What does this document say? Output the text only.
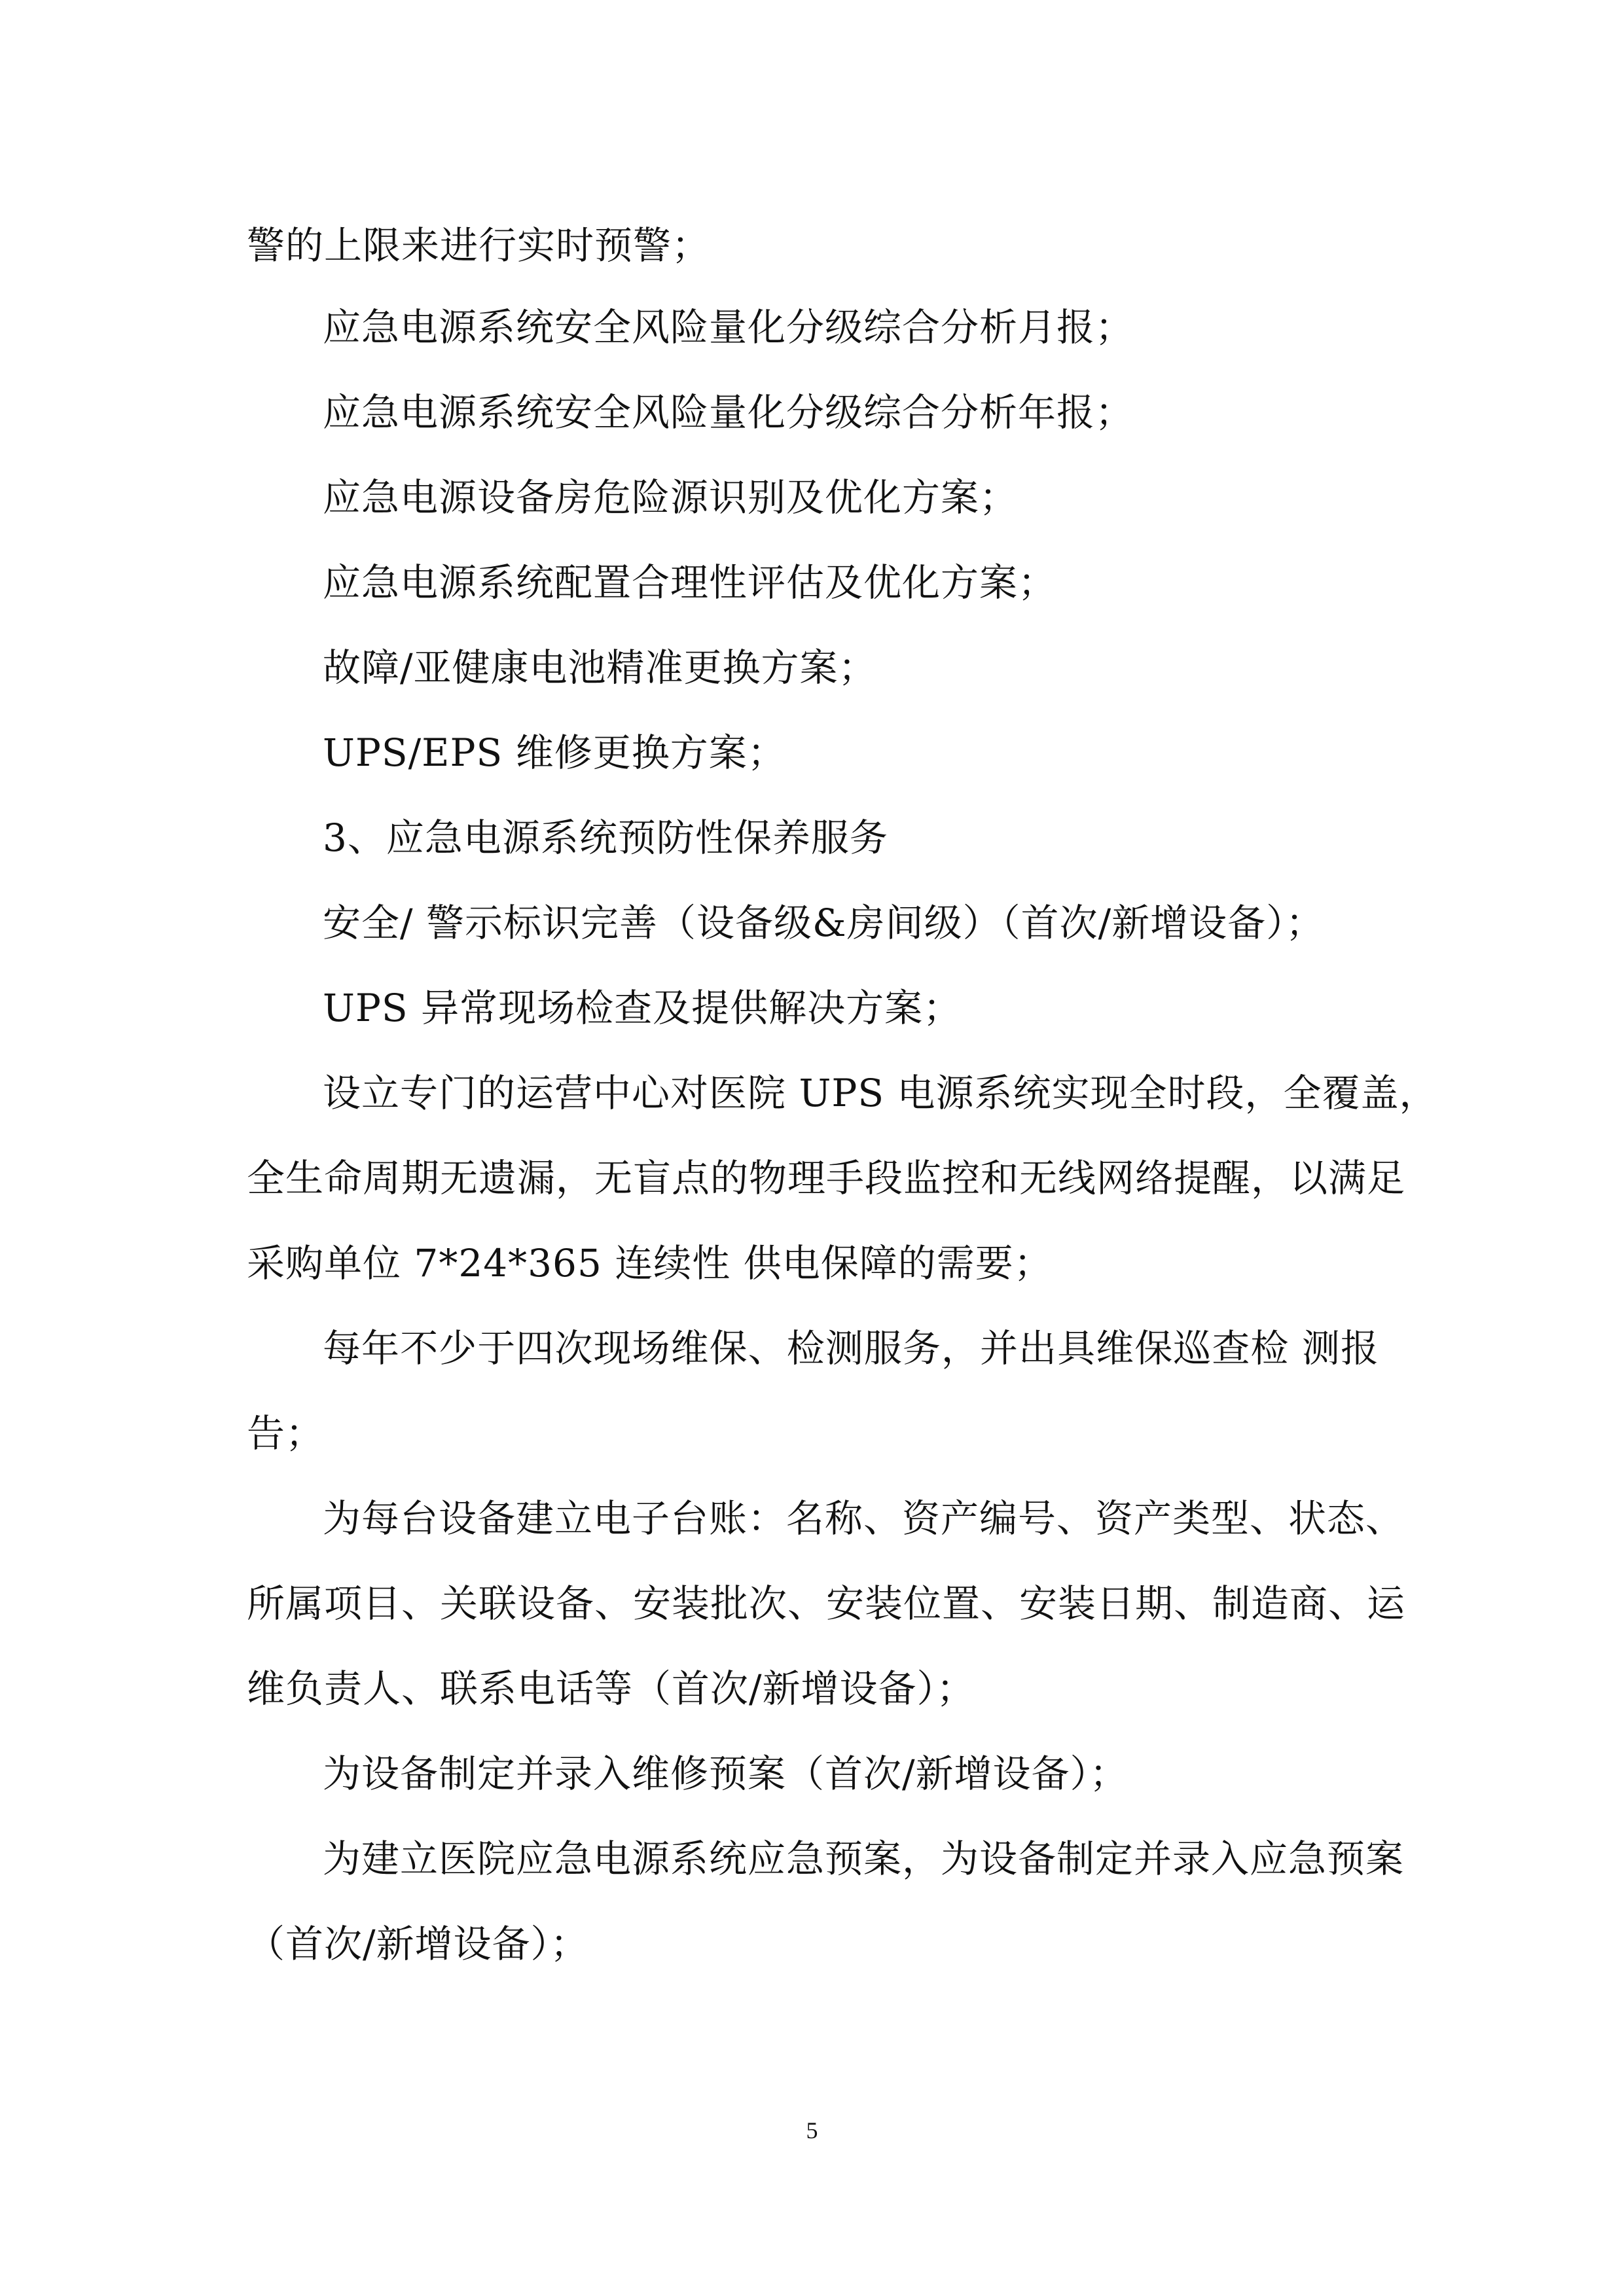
警的上限来进行实时预警；
应急电源系统安全风险量化分级综合分析月报；
应急电源系统安全风险量化分级综合分析年报；
应急电源设备房危险源识别及优化方案；
应急电源系统配置合理性评估及优化方案；
故障/亚健康电池精准更换方案；
UPS/EPS 维修更换方案；
3、应急电源系统预防性保养服务
安全/ 警示标识完善（设备级&房间级）（首次/新增设备）；
UPS 异常现场检查及提供解决方案；
设立专门的运营中心对医院 UPS 电源系统实现全时段，全覆盖，
全生命周期无遗漏，无盲点的物理手段监控和无线网络提醒，以满足
采购单位 7*24*365 连续性 供电保障的需要；
每年不少于四次现场维保、检测服务，并出具维保巡查检 测报
告；
为每台设备建立电子台账：名称、资产编号、资产类型、状态、
所属项目、关联设备、安装批次、安装位置、安装日期、制造商、运
维负责人、联系电话等（首次/新增设备）；
为设备制定并录入维修预案（首次/新增设备）；
为建立医院应急电源系统应急预案，为设备制定并录入应急预案
（首次/新增设备）；
5
